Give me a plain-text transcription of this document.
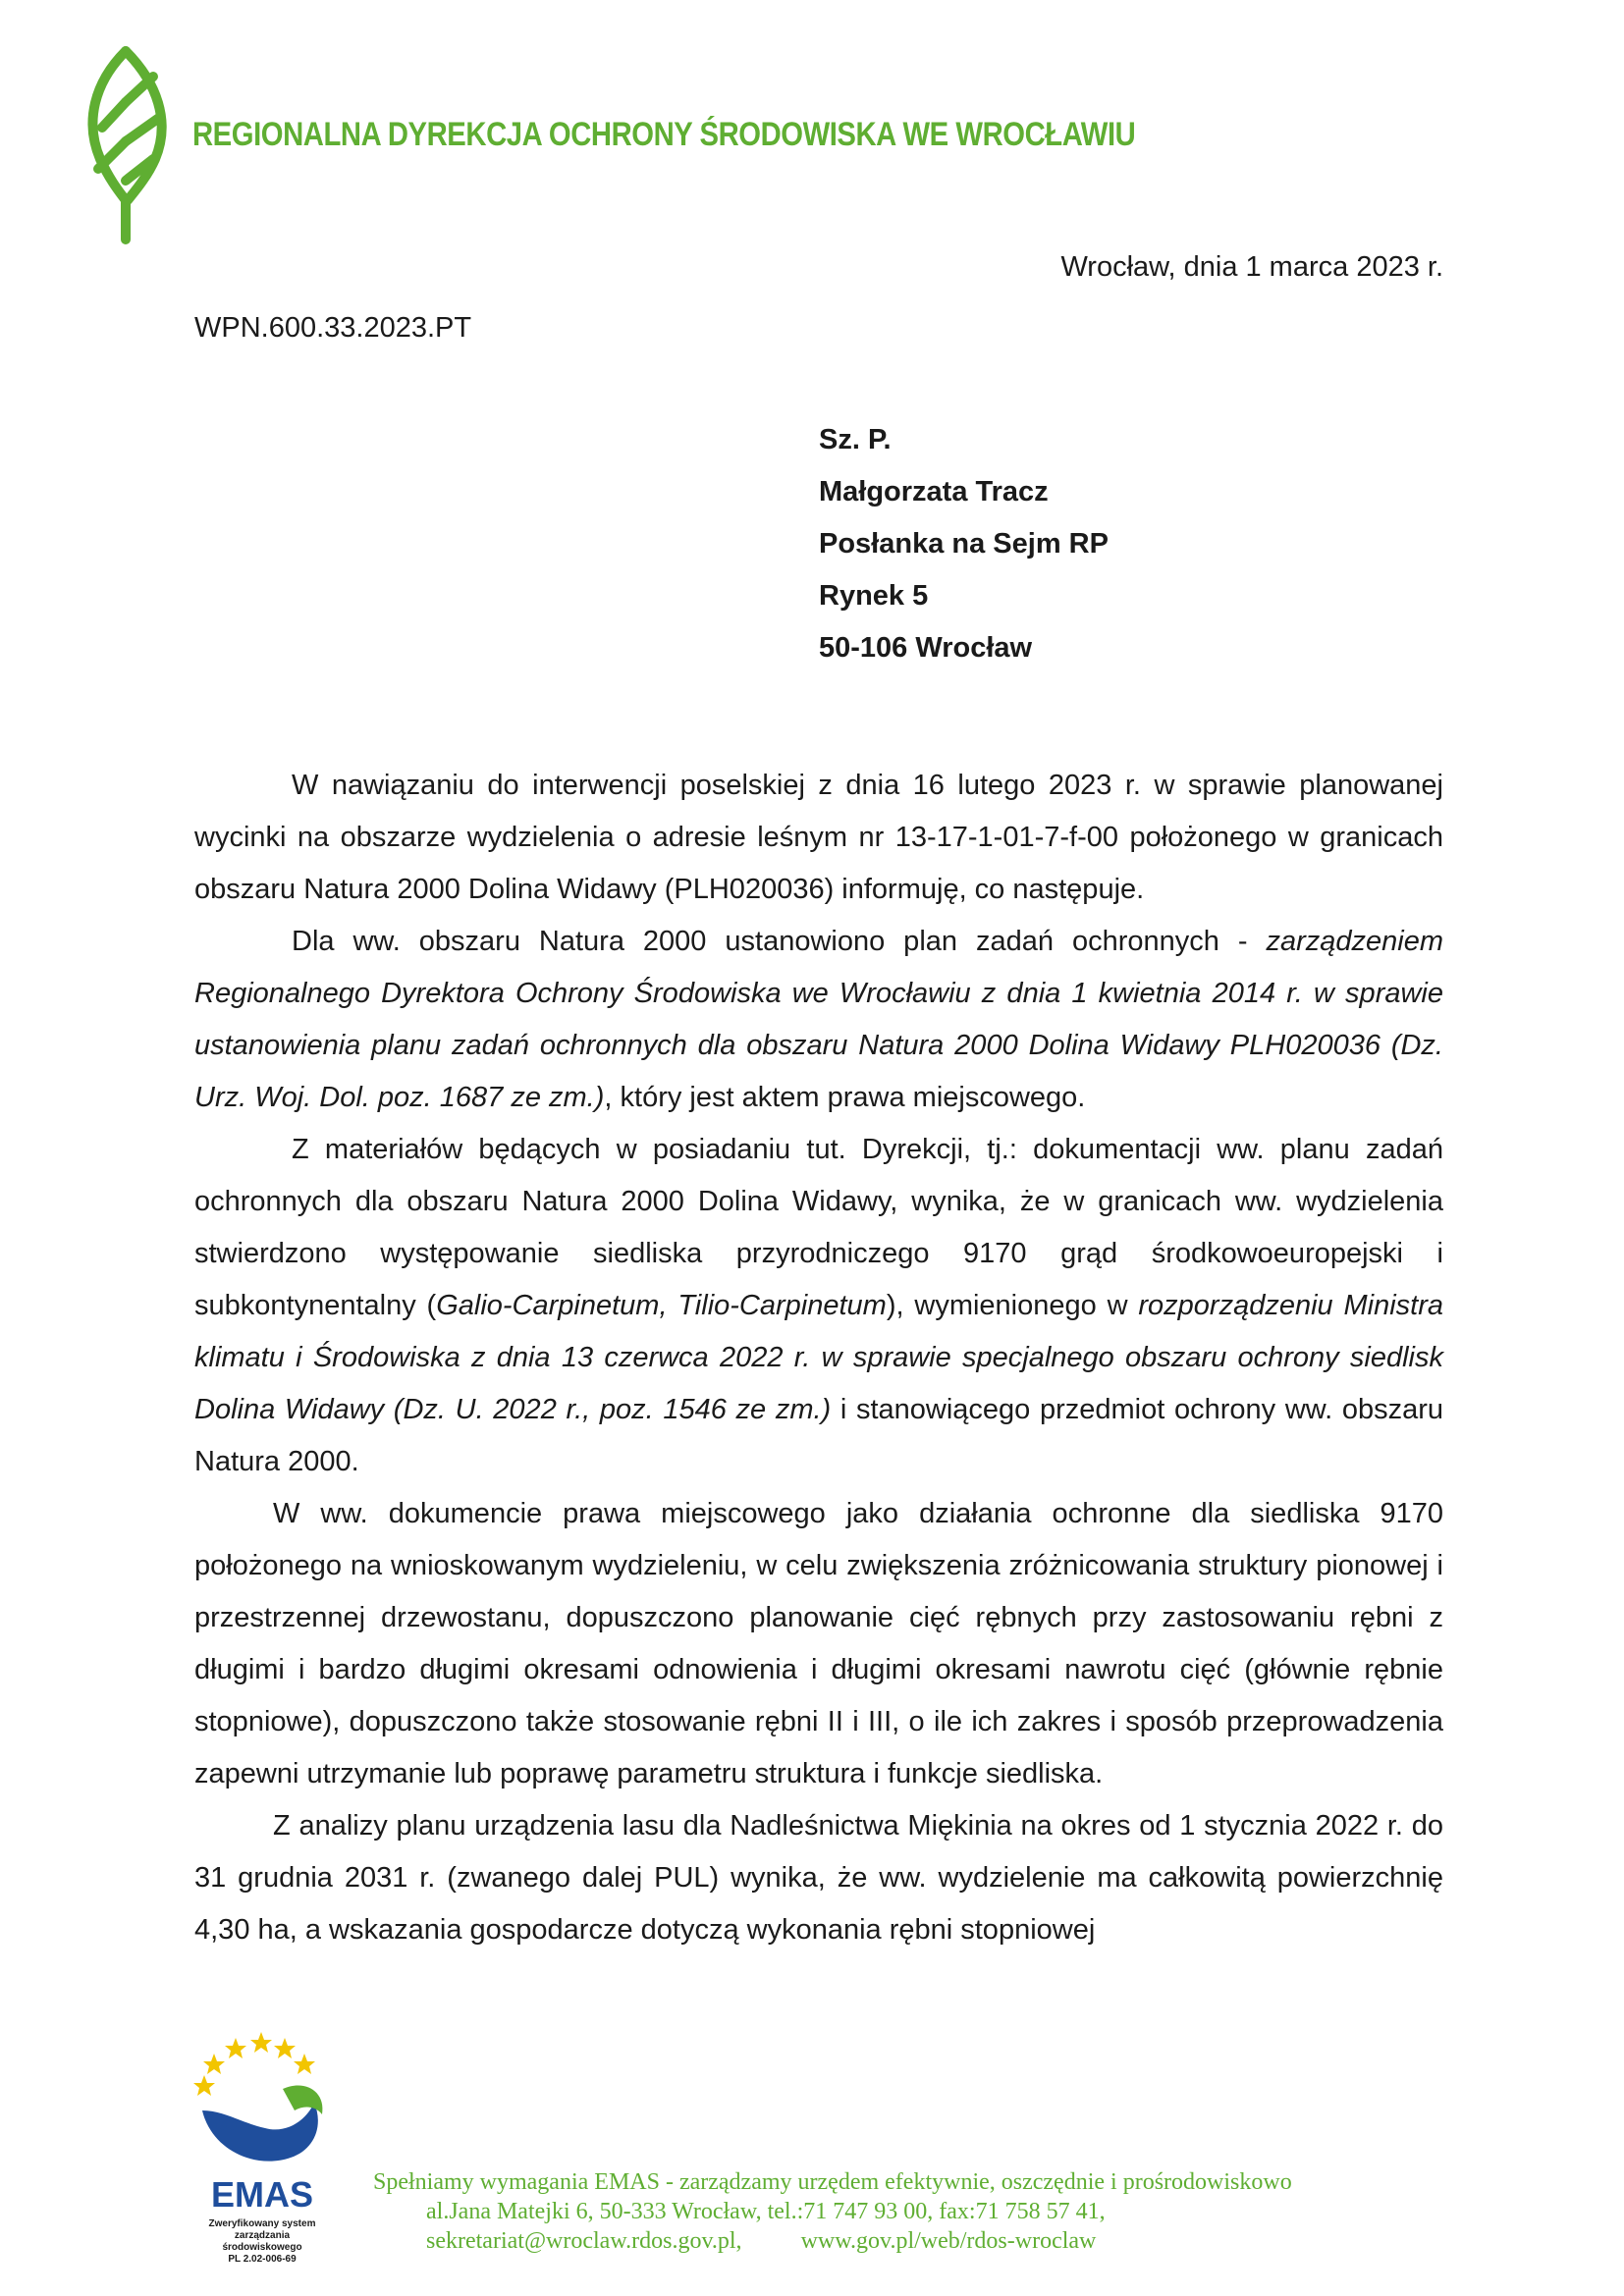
REGIONALNA DYREKCJA OCHRONY ŚRODOWISKA WE WROCŁAWIU
Wrocław, dnia 1 marca 2023 r.
WPN.600.33.2023.PT
Sz. P.
Małgorzata Tracz
Posłanka na Sejm RP
Rynek 5
50-106 Wrocław

W nawiązaniu do interwencji poselskiej z dnia 16 lutego 2023 r. w sprawie planowanej wycinki na obszarze wydzielenia o adresie leśnym nr 13-17-1-01-7-f-00 położonego w granicach obszaru Natura 2000 Dolina Widawy (PLH020036) informuję, co następuje.

Dla ww. obszaru Natura 2000 ustanowiono plan zadań ochronnych - zarządzeniem Regionalnego Dyrektora Ochrony Środowiska we Wrocławiu z dnia 1 kwietnia 2014 r. w sprawie ustanowienia planu zadań ochronnych dla obszaru Natura 2000 Dolina Widawy PLH020036 (Dz. Urz. Woj. Dol. poz. 1687 ze zm.), który jest aktem prawa miejscowego.

Z materiałów będących w posiadaniu tut. Dyrekcji, tj.: dokumentacji ww. planu zadań ochronnych dla obszaru Natura 2000 Dolina Widawy, wynika, że w granicach ww. wydzielenia stwierdzono występowanie siedliska przyrodniczego 9170 grąd środkowoeuropejski i subkontynentalny (Galio-Carpinetum, Tilio-Carpinetum), wymienionego w rozporządzeniu Ministra klimatu i Środowiska z dnia 13 czerwca 2022 r. w sprawie specjalnego obszaru ochrony siedlisk Dolina Widawy (Dz. U. 2022 r., poz. 1546 ze zm.) i stanowiącego przedmiot ochrony ww. obszaru Natura 2000.

W ww. dokumencie prawa miejscowego jako działania ochronne dla siedliska 9170 położonego na wnioskowanym wydzieleniu, w celu zwiększenia zróżnicowania struktury pionowej i przestrzennej drzewostanu, dopuszczono planowanie cięć rębnych przy zastosowaniu rębni z długimi i bardzo długimi okresami odnowienia i długimi okresami nawrotu cięć (głównie rębnie stopniowe), dopuszczono także stosowanie rębni II i III, o ile ich zakres i sposób przeprowadzenia zapewni utrzymanie lub poprawę parametru struktura i funkcje siedliska.

Z analizy planu urządzenia lasu dla Nadleśnictwa Miękinia na okres od 1 stycznia 2022 r. do 31 grudnia 2031 r. (zwanego dalej PUL) wynika, że ww. wydzielenie ma całkowitą powierzchnię 4,30 ha, a wskazania gospodarcze dotyczą wykonania rębni stopniowej

EMAS
Zweryfikowany system
zarządzania
środowiskowego
PL 2.02-006-69
Spełniamy wymagania EMAS - zarządzamy urzędem efektywnie, oszczędnie i prośrodowiskowo
al.Jana Matejki 6, 50-333 Wrocław, tel.:71 747 93 00, fax:71 758 57 41,
sekretariat@wroclaw.rdos.gov.pl,	www.gov.pl/web/rdos-wroclaw
